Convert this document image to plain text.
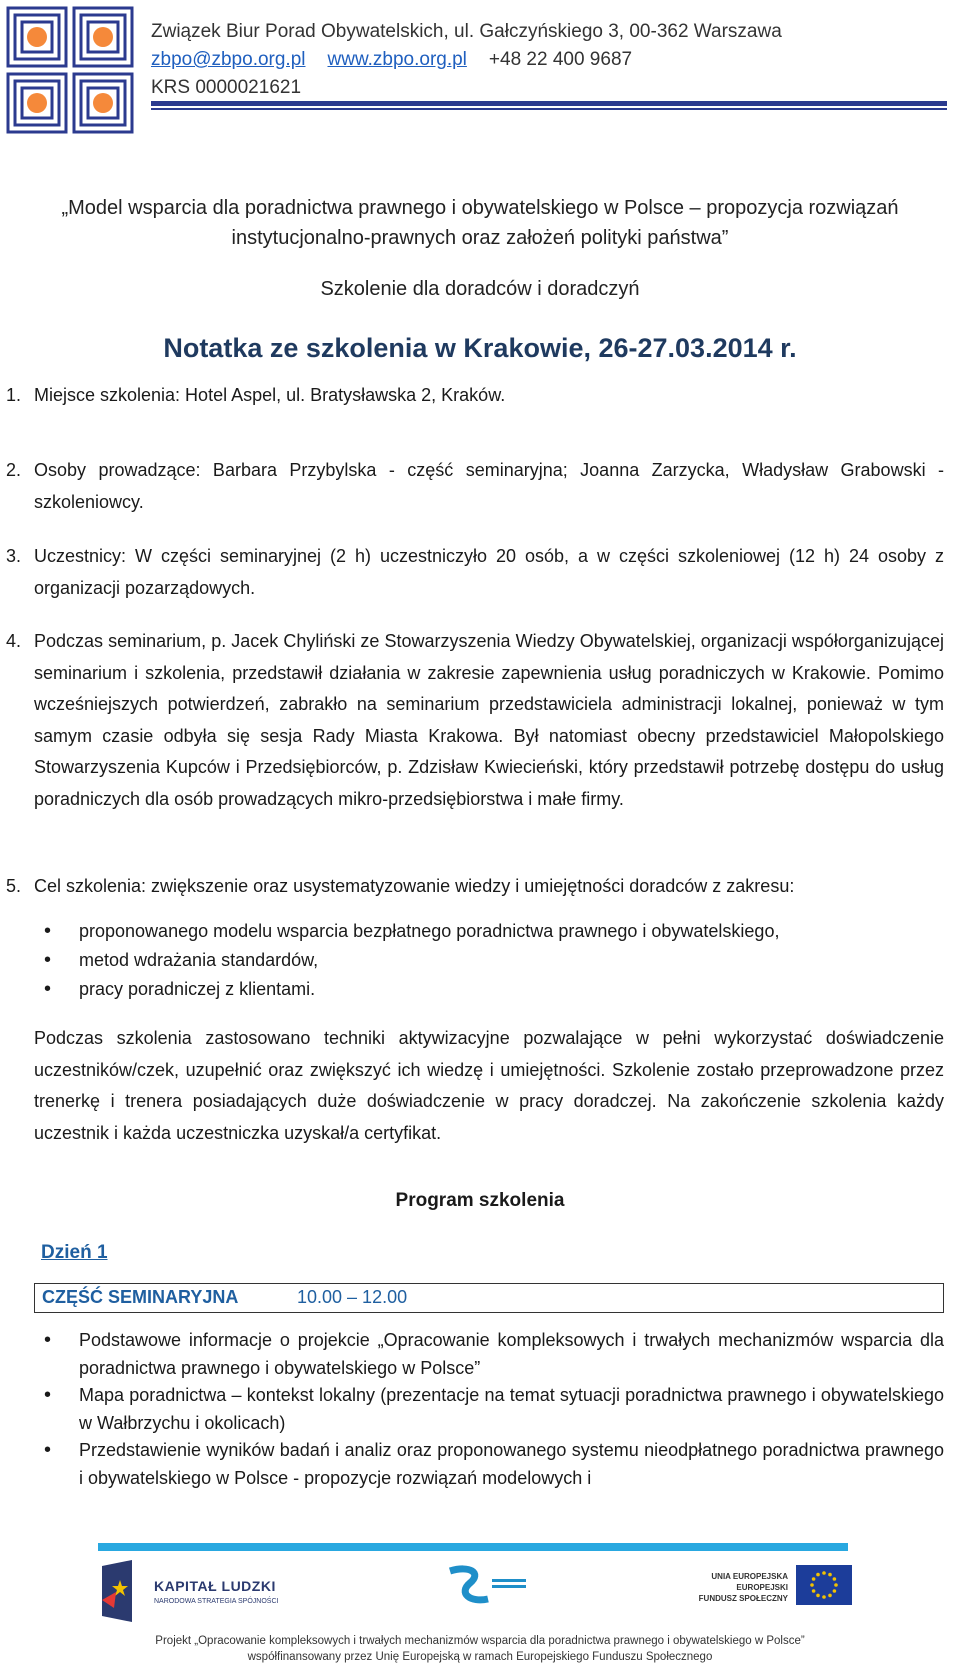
Związek Biur Porad Obywatelskich, ul. Gałczyńskiego 3, 00-362 Warszawa
zbpo@zbpo.org.pl www.zbpo.org.pl +48 22 400 9687
KRS 0000021621
„Model wsparcia dla poradnictwa prawnego i obywatelskiego w Polsce – propozycja rozwiązań
instytucjonalno-prawnych oraz założeń polityki państwa”
Szkolenie dla doradców i doradczyń
Notatka ze szkolenia w Krakowie, 26-27.03.2014 r.
1. Miejsce szkolenia: Hotel Aspel, ul. Bratysławska 2, Kraków.
2. Osoby prowadzące: Barbara Przybylska - część seminaryjna; Joanna Zarzycka, Władysław Grabowski - szkoleniowcy.
3. Uczestnicy: W części seminaryjnej (2 h) uczestniczyło 20 osób, a w części szkoleniowej (12 h) 24 osoby z organizacji pozarządowych.
4. Podczas seminarium, p. Jacek Chyliński ze Stowarzyszenia Wiedzy Obywatelskiej, organizacji współorganizującej seminarium i szkolenia, przedstawił działania w zakresie zapewnienia usług poradniczych w Krakowie. Pomimo wcześniejszych potwierdzeń, zabrakło na seminarium przedstawiciela administracji lokalnej, ponieważ w tym samym czasie odbyła się sesja Rady Miasta Krakowa. Był natomiast obecny przedstawiciel Małopolskiego Stowarzyszenia Kupców i Przedsiębiorców, p. Zdzisław Kwiecieński, który przedstawił potrzebę dostępu do usług poradniczych dla osób prowadzących mikro-przedsiębiorstwa i małe firmy.
5. Cel szkolenia: zwiększenie oraz usystematyzowanie wiedzy i umiejętności doradców z zakresu:
• proponowanego modelu wsparcia bezpłatnego poradnictwa prawnego i obywatelskiego,
• metod wdrażania standardów,
• pracy poradniczej z klientami.
Podczas szkolenia zastosowano techniki aktywizacyjne pozwalające w pełni wykorzystać doświadczenie uczestników/czek, uzupełnić oraz zwiększyć ich wiedzę i umiejętności. Szkolenie zostało przeprowadzone przez trenerkę i trenera posiadających duże doświadczenie w pracy doradczej. Na zakończenie szkolenia każdy uczestnik i każda uczestniczka uzyskał/a certyfikat.
Program szkolenia
Dzień 1
CZĘŚĆ SEMINARYJNA	10.00 – 12.00
• Podstawowe informacje o projekcie „Opracowanie kompleksowych i trwałych mechanizmów wsparcia dla poradnictwa prawnego i obywatelskiego w Polsce”
• Mapa poradnictwa – kontekst lokalny (prezentacje na temat sytuacji poradnictwa prawnego i obywatelskiego w Wałbrzychu i okolicach)
• Przedstawienie wyników badań i analiz oraz proponowanego systemu nieodpłatnego poradnictwa prawnego i obywatelskiego w Polsce - propozycje rozwiązań modelowych i
KAPITAŁ LUDZKI
NARODOWA STRATEGIA SPÓJNOŚCI
UNIA EUROPEJSKA
EUROPEJSKI
FUNDUSZ SPOŁECZNY
Projekt „Opracowanie kompleksowych i trwałych mechanizmów wsparcia dla poradnictwa prawnego i obywatelskiego w Polsce”
współfinansowany przez Unię Europejską w ramach Europejskiego Funduszu Społecznego
